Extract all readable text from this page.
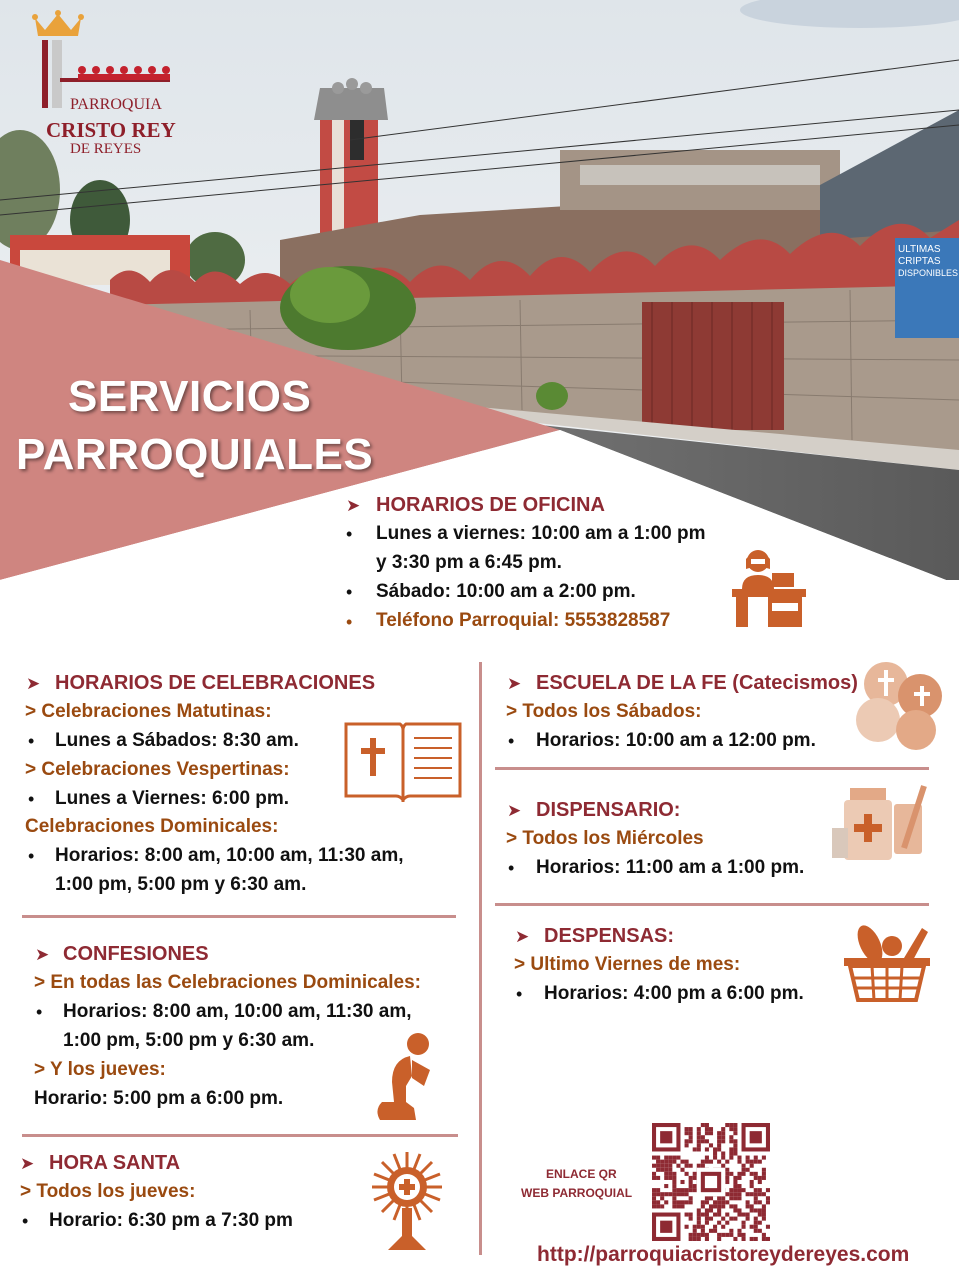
ULTIMAS
CRIPTAS
DISPONIBLES
PARROQUIA
CRISTO REY
DE REYES
SERVICIOS
PARROQUIALES
➤ HORARIOS DE OFICINA
• Lunes a viernes: 10:00 am a 1:00 pm
y 3:30 pm a 6:45 pm.
• Sábado: 10:00 am a 2:00 pm.
• Teléfono Parroquial: 5553828587
➤ HORARIOS DE CELEBRACIONES
> Celebraciones Matutinas:
• Lunes a Sábados: 8:30 am.
> Celebraciones Vespertinas:
• Lunes a Viernes: 6:00 pm.
Celebraciones Dominicales:
• Horarios: 8:00 am, 10:00 am, 11:30 am,
1:00 pm, 5:00 pm y 6:30 am.
➤ CONFESIONES
> En todas las Celebraciones Dominicales:
• Horarios: 8:00 am, 10:00 am, 11:30 am,
1:00 pm, 5:00 pm y 6:30 am.
> Y los jueves:
Horario: 5:00 pm a 6:00 pm.
➤ HORA SANTA
> Todos los jueves:
• Horario: 6:30 pm a 7:30 pm
➤ ESCUELA DE LA FE (Catecismos)
> Todos los Sábados:
• Horarios: 10:00 am a 12:00 pm.
➤ DISPENSARIO:
> Todos los Miércoles
• Horarios: 11:00 am a 1:00 pm.
➤ DESPENSAS:
> Ultimo Viernes de mes:
• Horarios: 4:00 pm a 6:00 pm.
ENLACE QR
WEB PARROQUIAL
http://parroquiacristoreydereyes.com
